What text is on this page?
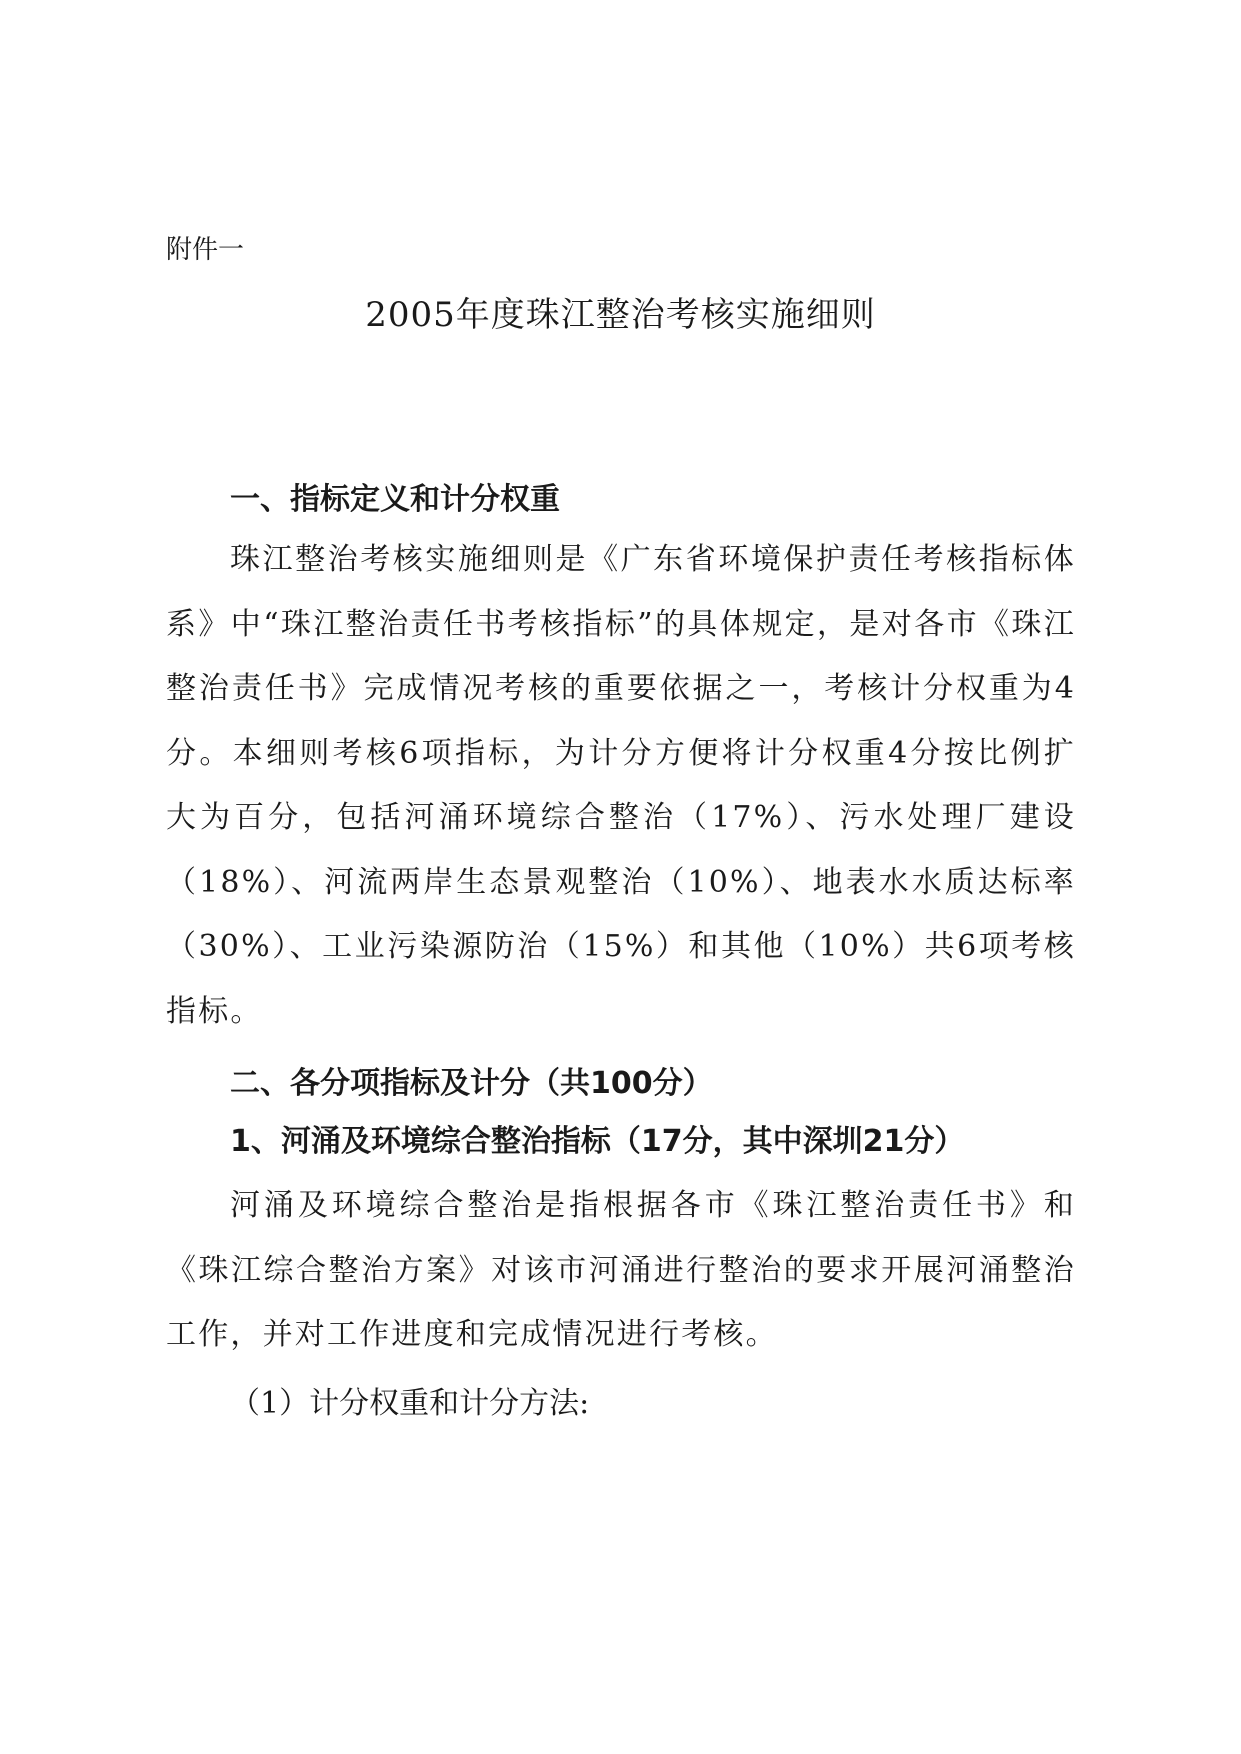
附件一
2005年度珠江整治考核实施细则

一、指标定义和计分权重

珠江整治考核实施细则是《广东省环境保护责任考核指标体系》中“珠江整治责任书考核指标”的具体规定，是对各市《珠江整治责任书》完成情况考核的重要依据之一，考核计分权重为4分。本细则考核6项指标，为计分方便将计分权重4分按比例扩大为百分，包括河涌环境综合整治（17%）、污水处理厂建设（18%）、河流两岸生态景观整治（10%）、地表水水质达标率（30%）、工业污染源防治（15%）和其他（10%）共6项考核指标。

二、各分项指标及计分（共100分）

1、河涌及环境综合整治指标（17分，其中深圳21分）

河涌及环境综合整治是指根据各市《珠江整治责任书》和《珠江综合整治方案》对该市河涌进行整治的要求开展河涌整治工作，并对工作进度和完成情况进行考核。

（1）计分权重和计分方法:
